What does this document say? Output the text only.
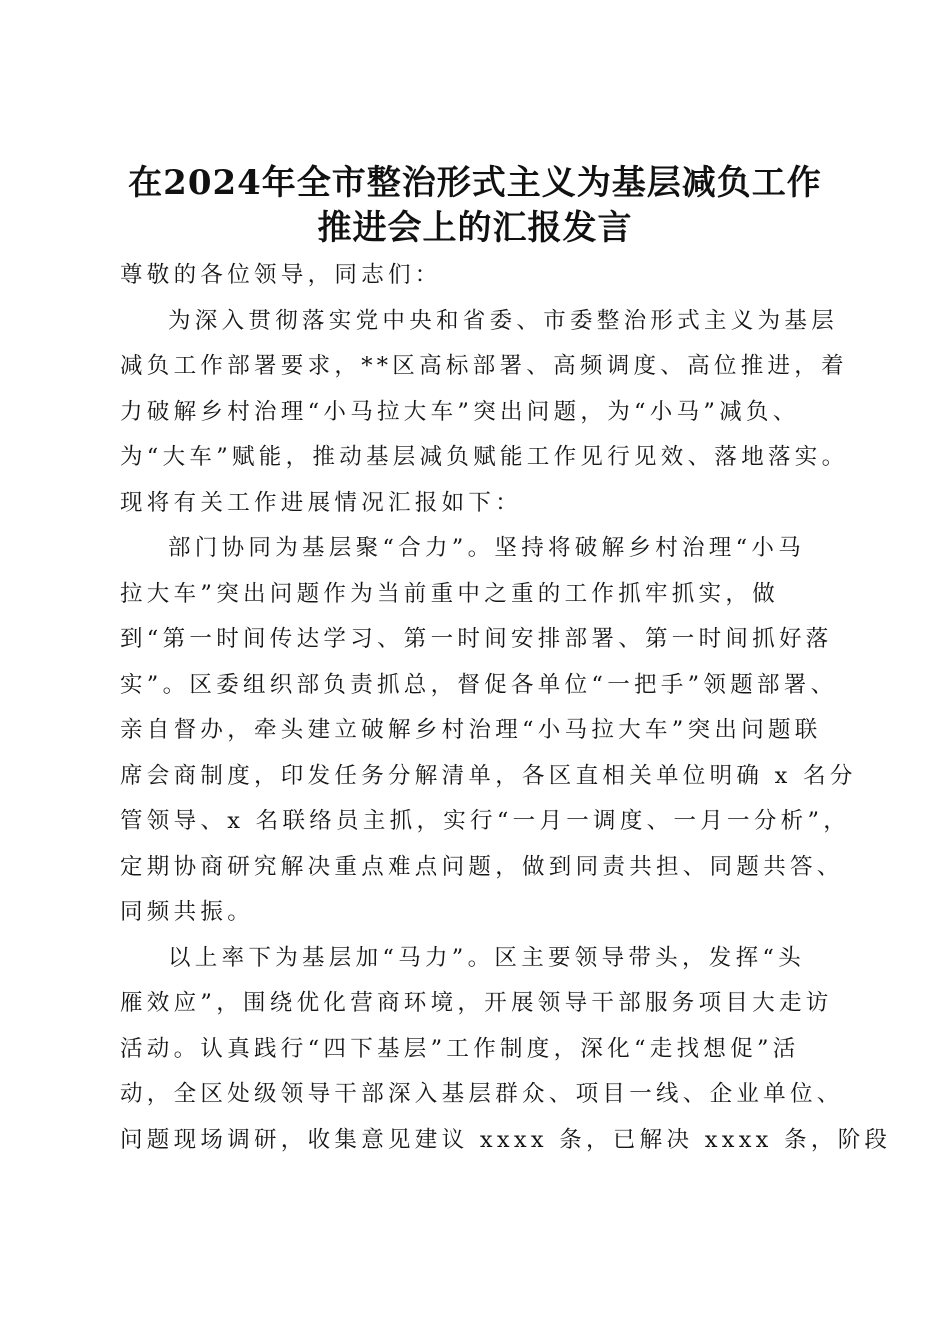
在2024年全市整治形式主义为基层减负工作
推进会上的汇报发言

尊敬的各位领导，同志们：

为深入贯彻落实党中央和省委、市委整治形式主义为基层
减负工作部署要求，**区高标部署、高频调度、高位推进，着
力破解乡村治理“小马拉大车”突出问题，为“小马”减负、
为“大车”赋能，推动基层减负赋能工作见行见效、落地落实。
现将有关工作进展情况汇报如下：
部门协同为基层聚“合力”。坚持将破解乡村治理“小马
拉大车”突出问题作为当前重中之重的工作抓牢抓实，做
到“第一时间传达学习、第一时间安排部署、第一时间抓好落
实”。区委组织部负责抓总，督促各单位“一把手”领题部署、
亲自督办，牵头建立破解乡村治理“小马拉大车”突出问题联
席会商制度，印发任务分解清单，各区直相关单位明确 x 名分
管领导、x 名联络员主抓，实行“一月一调度、一月一分析”，
定期协商研究解决重点难点问题，做到同责共担、同题共答、
同频共振。
以上率下为基层加“马力”。区主要领导带头，发挥“头
雁效应”，围绕优化营商环境，开展领导干部服务项目大走访
活动。认真践行“四下基层”工作制度，深化“走找想促”活
动，全区处级领导干部深入基层群众、项目一线、企业单位、
问题现场调研，收集意见建议 xxxx 条，已解决 xxxx 条，阶段
